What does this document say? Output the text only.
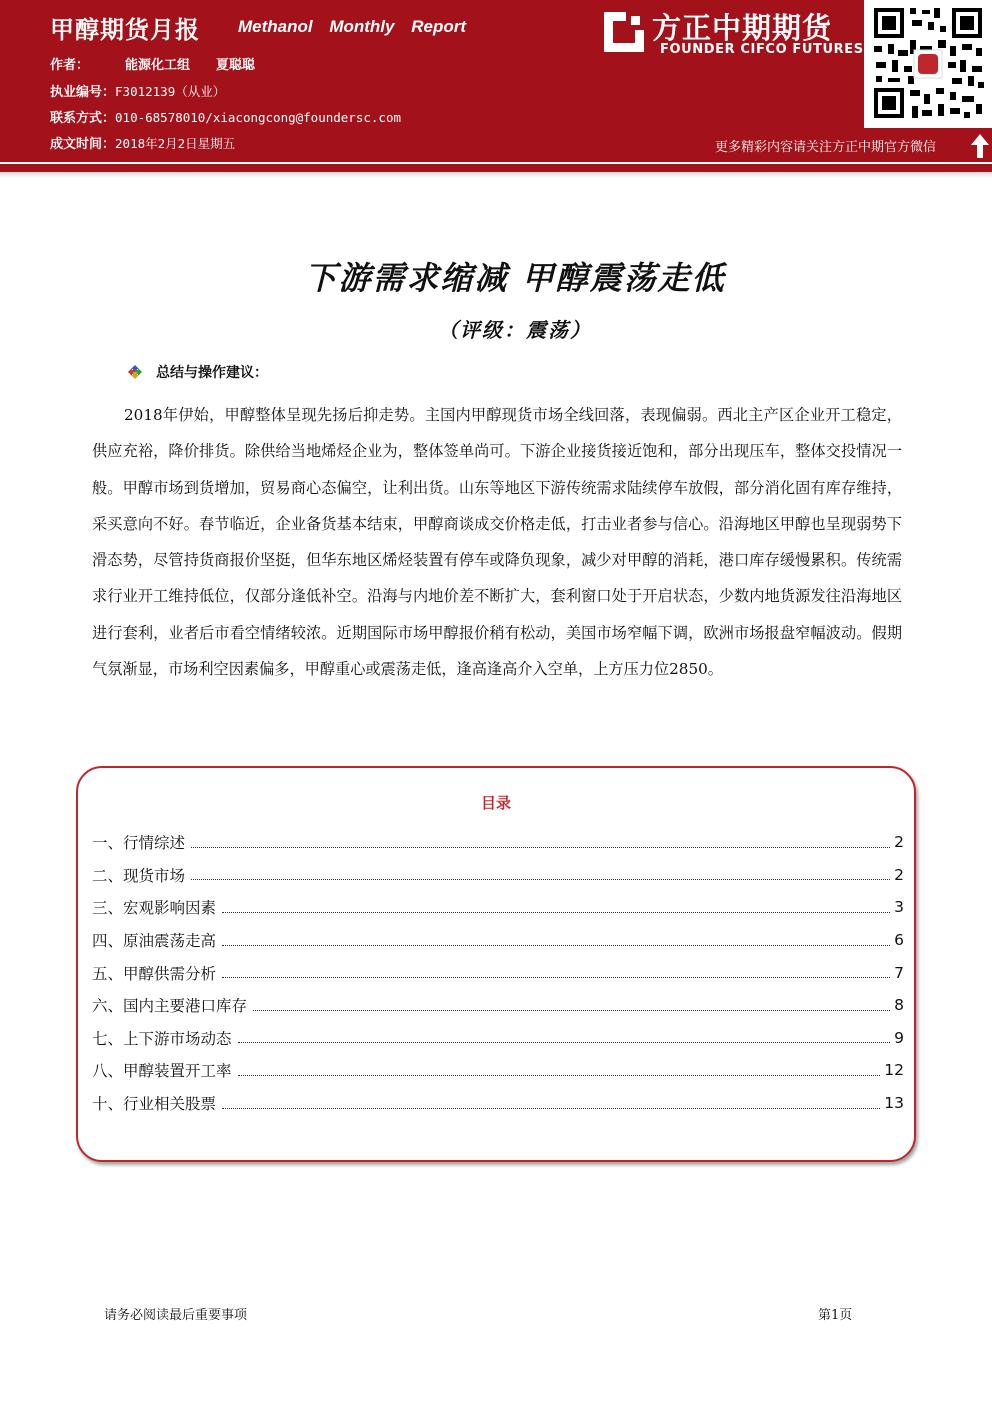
甲醇期货月报 Methanol Monthly Report
作者：	能源化工组 夏聪聪
执业编号：F3012139（从业）
联系方式：010-68578010/xiacongcong@foundersc.com
成文时间：2018年2月2日星期五
方正中期期货
FOUNDER CIFCO FUTURES
更多精彩内容请关注方正中期官方微信
下游需求缩减 甲醇震荡走低
（评级：震荡）
总结与操作建议：
2018年伊始，甲醇整体呈现先扬后抑走势。主国内甲醇现货市场全线回落，表现偏弱。西北主产区企业开工稳定，供应充裕，降价排货。除供给当地烯烃企业为，整体签单尚可。下游企业接货接近饱和，部分出现压车，整体交投情况一般。甲醇市场到货增加，贸易商心态偏空，让利出货。山东等地区下游传统需求陆续停车放假，部分消化固有库存维持，采买意向不好。春节临近，企业备货基本结束，甲醇商谈成交价格走低，打击业者参与信心。沿海地区甲醇也呈现弱势下滑态势，尽管持货商报价坚挺，但华东地区烯烃装置有停车或降负现象，减少对甲醇的消耗，港口库存缓慢累积。传统需求行业开工维持低位，仅部分逢低补空。沿海与内地价差不断扩大，套利窗口处于开启状态，少数内地货源发往沿海地区进行套利，业者后市看空情绪较浓。近期国际市场甲醇报价稍有松动，美国市场窄幅下调，欧洲市场报盘窄幅波动。假期气氛渐显，市场利空因素偏多，甲醇重心或震荡走低，逢高逢高介入空单，上方压力位2850。
目录
一、行情综述	2
二、现货市场	2
三、宏观影响因素	3
四、原油震荡走高	6
五、甲醇供需分析	7
六、国内主要港口库存	8
七、上下游市场动态	9
八、甲醇装置开工率	12
十、行业相关股票	13
请务必阅读最后重要事项	第1页
